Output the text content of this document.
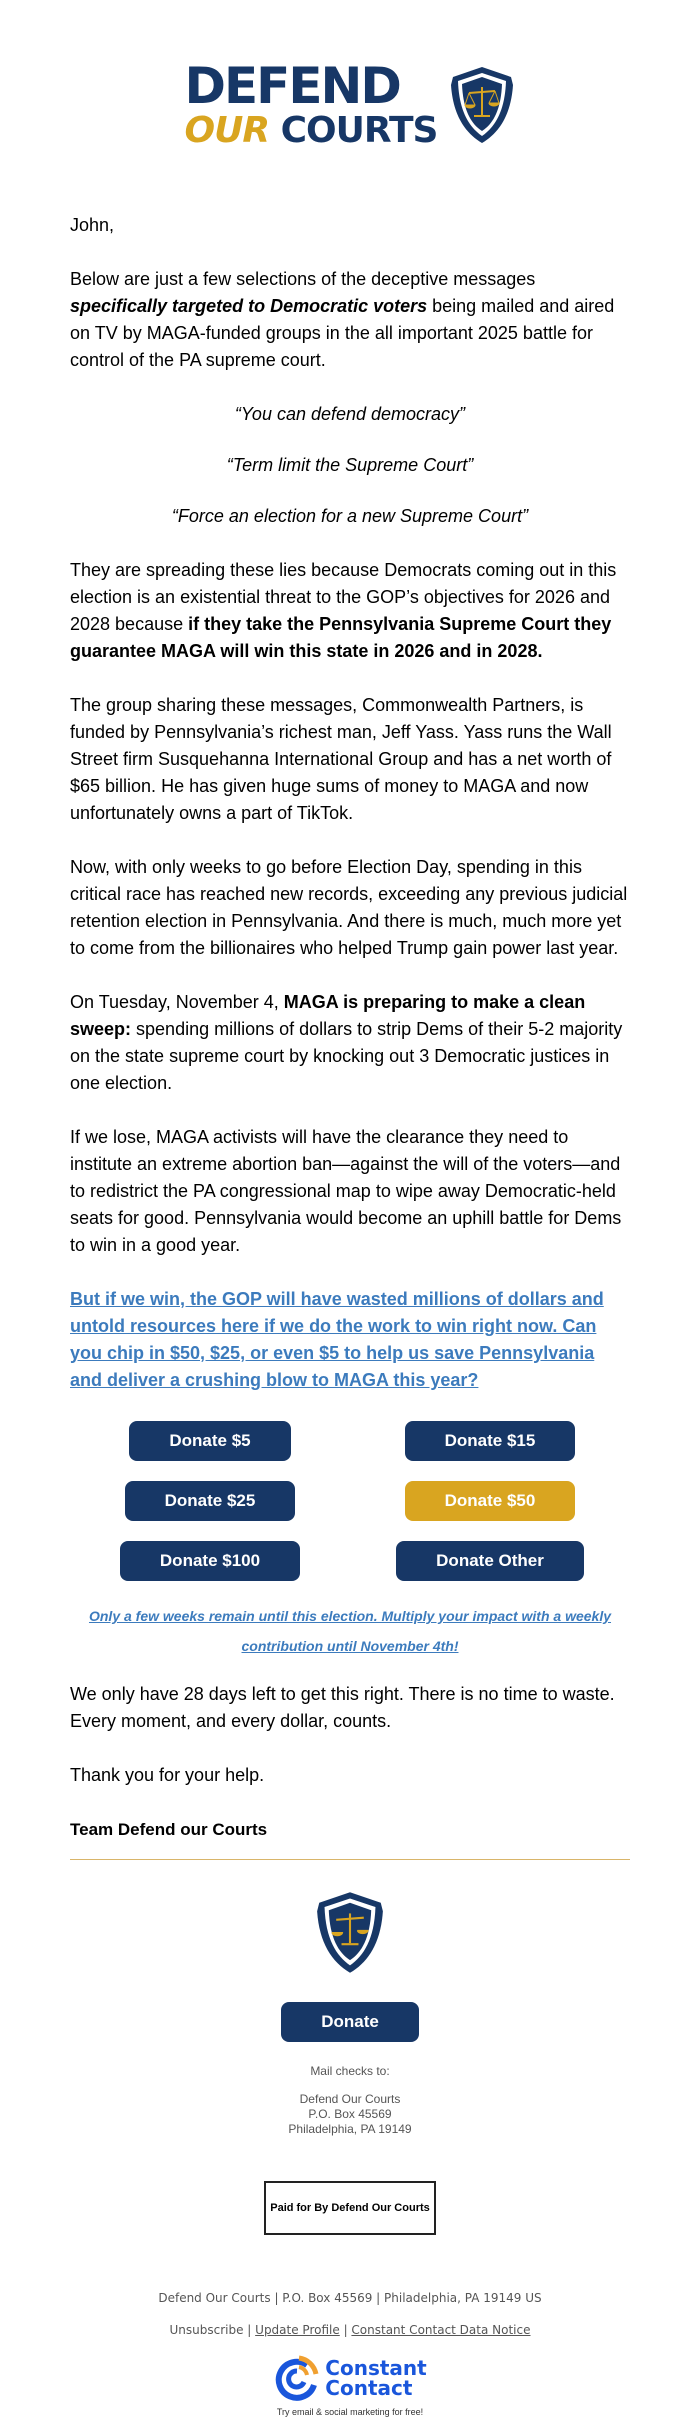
DEFEND
OUR COURTS

John,

Below are just a few selections of the deceptive messages specifically targeted to Democratic voters being mailed and aired on TV by MAGA-funded groups in the all important 2025 battle for control of the PA supreme court.

“You can defend democracy”

“Term limit the Supreme Court”

“Force an election for a new Supreme Court”

They are spreading these lies because Democrats coming out in this election is an existential threat to the GOP’s objectives for 2026 and 2028 because if they take the Pennsylvania Supreme Court they guarantee MAGA will win this state in 2026 and in 2028.

The group sharing these messages, Commonwealth Partners, is funded by Pennsylvania’s richest man, Jeff Yass. Yass runs the Wall Street firm Susquehanna International Group and has a net worth of $65 billion. He has given huge sums of money to MAGA and now unfortunately owns a part of TikTok.

Now, with only weeks to go before Election Day, spending in this critical race has reached new records, exceeding any previous judicial retention election in Pennsylvania. And there is much, much more yet to come from the billionaires who helped Trump gain power last year.

On Tuesday, November 4, MAGA is preparing to make a clean sweep: spending millions of dollars to strip Dems of their 5-2 majority on the state supreme court by knocking out 3 Democratic justices in one election.

If we lose, MAGA activists will have the clearance they need to institute an extreme abortion ban—against the will of the voters—and to redistrict the PA congressional map to wipe away Democratic-held seats for good. Pennsylvania would become an uphill battle for Dems to win in a good year.

But if we win, the GOP will have wasted millions of dollars and untold resources here if we do the work to win right now. Can you chip in $50, $25, or even $5 to help us save Pennsylvania and deliver a crushing blow to MAGA this year?

Donate $5	Donate $15
Donate $25	Donate $50
Donate $100	Donate Other
Only a few weeks remain until this election. Multiply your impact with a weekly contribution until November 4th!

We only have 28 days left to get this right. There is no time to waste. Every moment, and every dollar, counts.

Thank you for your help.

Team Defend our Courts

Donate
Mail checks to:
Defend Our Courts
P.O. Box 45569
Philadelphia, PA 19149
Paid for By Defend Our Courts
Defend Our Courts | P.O. Box 45569 | Philadelphia, PA 19149 US
Unsubscribe | Update Profile | Constant Contact Data Notice
Constant
Contact
Try email & social marketing for free!
